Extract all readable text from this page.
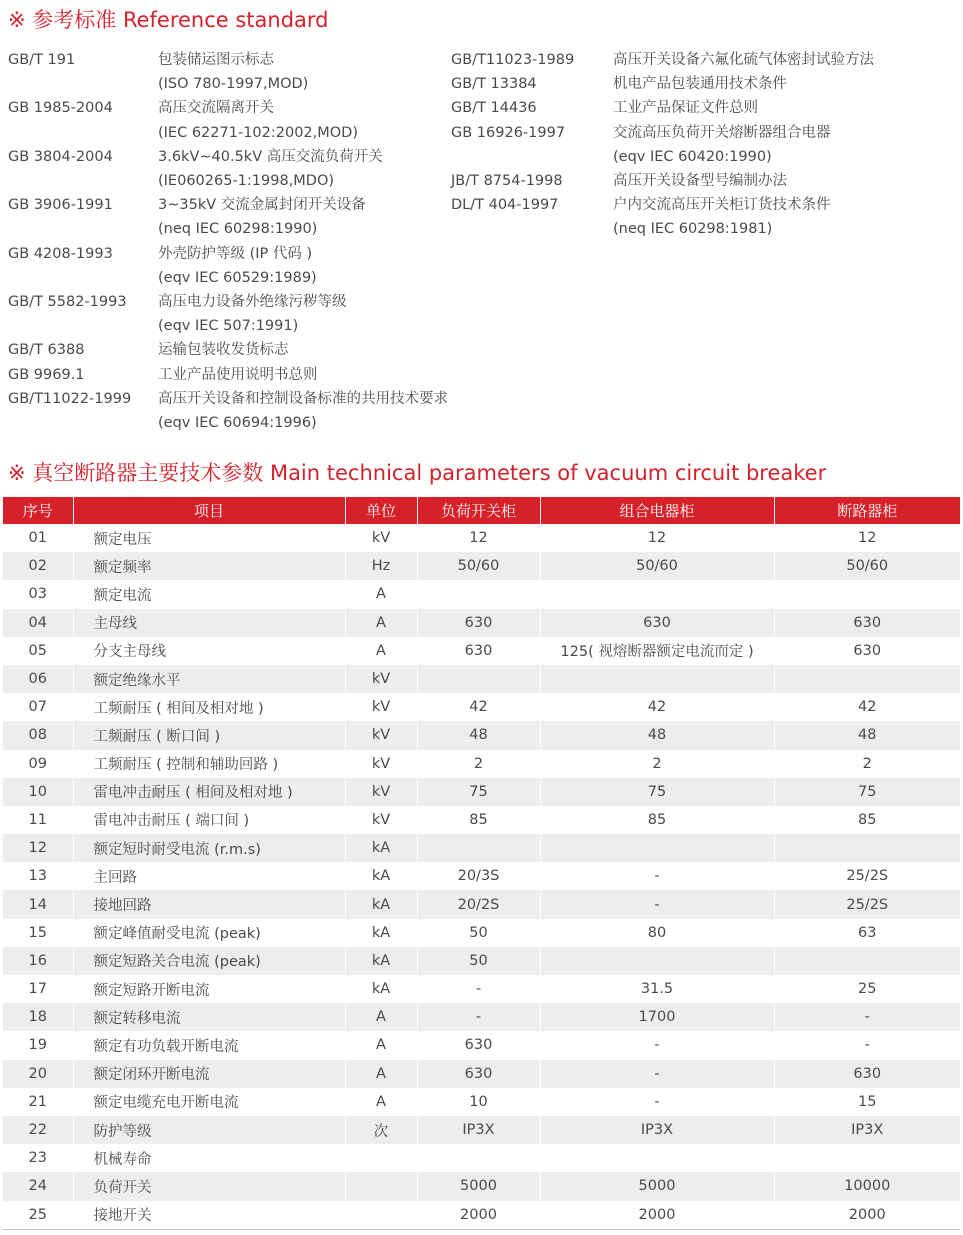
※ 参考标准 Reference standard
GB/T 191	包装储运图示标志
(ISO 780-1997,MOD)
GB 1985-2004	高压交流隔离开关
(IEC 62271-102:2002,MOD)
GB 3804-2004	3.6kV~40.5kV 高压交流负荷开关
(IE060265-1:1998,MDO)
GB 3906-1991	3~35kV 交流金属封闭开关设备
(neq IEC 60298:1990)
GB 4208-1993	外壳防护等级 (IP 代码 )
(eqv IEC 60529:1989)
GB/T 5582-1993	高压电力设备外绝缘污秽等级
(eqv IEC 507:1991)
GB/T 6388	运输包装收发货标志
GB 9969.1	工业产品使用说明书总则
GB/T11022-1999	高压开关设备和控制设备标准的共用技术要求
(eqv IEC 60694:1996)
GB/T11023-1989	高压开关设备六氟化硫气体密封试验方法
GB/T 13384	机电产品包装通用技术条件
GB/T 14436	工业产品保证文件总则
GB 16926-1997	交流高压负荷开关熔断器组合电器
(eqv IEC 60420:1990)
JB/T 8754-1998	高压开关设备型号编制办法
DL/T 404-1997	户内交流高压开关柜订货技术条件
(neq IEC 60298:1981)
※ 真空断路器主要技术参数 Main technical parameters of vacuum circuit breaker
序号	项目	单位	负荷开关柜	组合电器柜	断路器柜
01	额定电压	kV	12	12	12
02	额定频率	Hz	50/60	50/60	50/60
03	额定电流	A			
04	主母线	A	630	630	630
05	分支主母线	A	630	125( 视熔断器额定电流而定 )	630
06	额定绝缘水平	kV			
07	工频耐压 ( 相间及相对地 )	kV	42	42	42
08	工频耐压 ( 断口间 )	kV	48	48	48
09	工频耐压 ( 控制和辅助回路 )	kV	2	2	2
10	雷电冲击耐压 ( 相间及相对地 )	kV	75	75	75
11	雷电冲击耐压 ( 端口间 )	kV	85	85	85
12	额定短时耐受电流 (r.m.s)	kA			
13	主回路	kA	20/3S	-	25/2S
14	接地回路	kA	20/2S	-	25/2S
15	额定峰值耐受电流 (peak)	kA	50	80	63
16	额定短路关合电流 (peak)	kA	50		
17	额定短路开断电流	kA	-	31.5	25
18	额定转移电流	A	-	1700	-
19	额定有功负载开断电流	A	630	-	-
20	额定闭环开断电流	A	630	-	630
21	额定电缆充电开断电流	A	10	-	15
22	防护等级	次	IP3X	IP3X	IP3X
23	机械寿命				
24	负荷开关		5000	5000	10000
25	接地开关		2000	2000	2000
